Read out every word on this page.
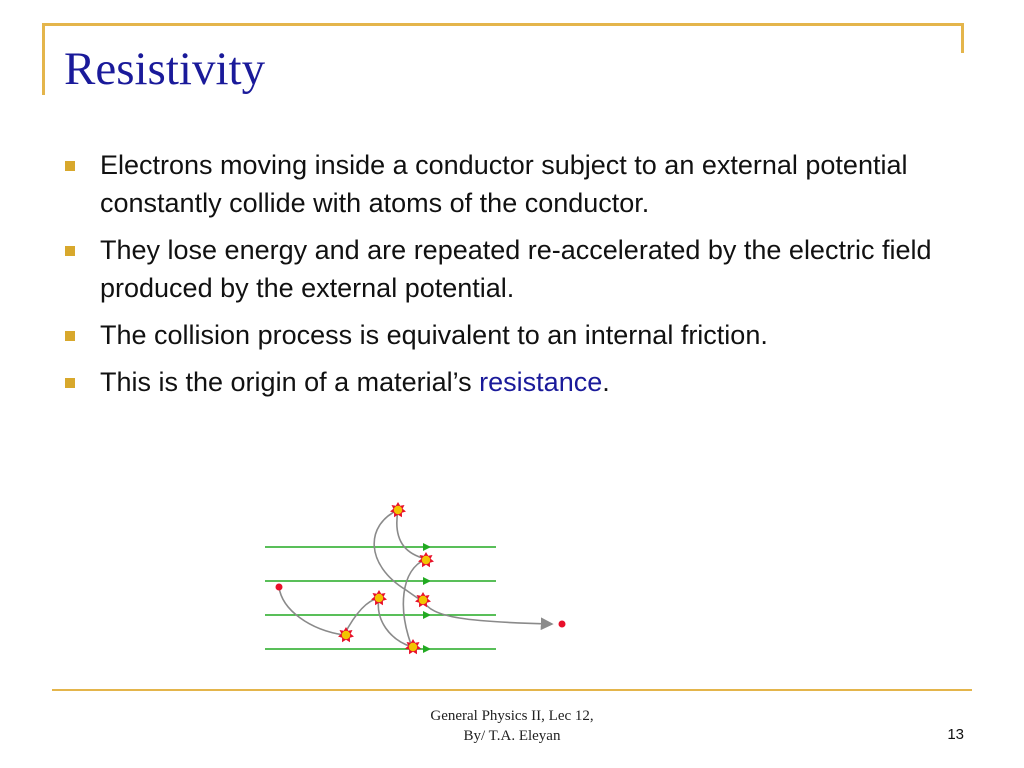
Resistivity
Electrons moving inside a conductor subject to an external potential constantly collide with atoms of the conductor.
They lose energy and are repeated re-accelerated by the electric field produced by the external potential.
The collision process is equivalent to an internal friction.
This is the origin of a material’s resistance.
General Physics II, Lec 12,
By/ T.A. Eleyan	13
